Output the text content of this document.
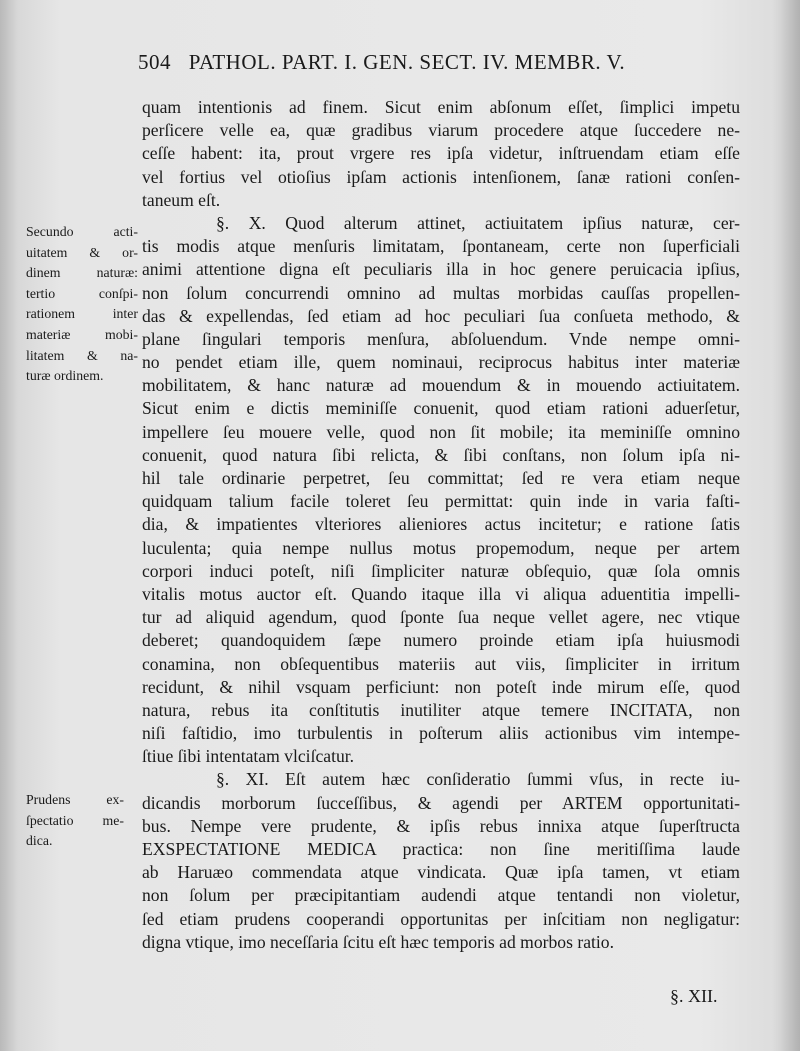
504 PATHOL. PART. I. GEN. SECT. IV. MEMBR. V.
quam intentionis ad finem. Sicut enim abſonum eſſet, ſimplici impetu
perſicere velle ea, quæ gradibus viarum procedere atque ſuccedere ne-
ceſſe habent: ita, prout vrgere res ipſa videtur, inſtruendam etiam eſſe
vel fortius vel otioſius ipſam actionis intenſionem, ſanæ rationi conſen-
taneum eſt.
§. X. Quod alterum attinet, actiuitatem ipſius naturæ, cer-
tis modis atque menſuris limitatam, ſpontaneam, certe non ſuperficiali
animi attentione digna eſt peculiaris illa in hoc genere peruicacia ipſius,
non ſolum concurrendi omnino ad multas morbidas cauſſas propellen-
das & expellendas, ſed etiam ad hoc peculiari ſua conſueta methodo, &
plane ſingulari temporis menſura, abſoluendum. Vnde nempe omni-
no pendet etiam ille, quem nominaui, reciprocus habitus inter materiæ
mobilitatem, & hanc naturæ ad mouendum & in mouendo actiuitatem.
Sicut enim e dictis meminiſſe conuenit, quod etiam rationi aduerſetur,
impellere ſeu mouere velle, quod non ſit mobile; ita meminiſſe omnino
conuenit, quod natura ſibi relicta, & ſibi conſtans, non ſolum ipſa ni-
hil tale ordinarie perpetret, ſeu committat; ſed re vera etiam neque
quidquam talium facile toleret ſeu permittat: quin inde in varia faſti-
dia, & impatientes vlteriores alieniores actus incitetur; e ratione ſatis
luculenta; quia nempe nullus motus propemodum, neque per artem
corpori induci poteſt, niſi ſimpliciter naturæ obſequio, quæ ſola omnis
vitalis motus auctor eſt. Quando itaque illa vi aliqua aduentitia impelli-
tur ad aliquid agendum, quod ſponte ſua neque vellet agere, nec vtique
deberet; quandoquidem ſæpe numero proinde etiam ipſa huiusmodi
conamina, non obſequentibus materiis aut viis, ſimpliciter in irritum
recidunt, & nihil vsquam perficiunt: non poteſt inde mirum eſſe, quod
natura, rebus ita conſtitutis inutiliter atque temere INCITATA, non
niſi faſtidio, imo turbulentis in poſterum aliis actionibus vim intempe-
ſtiue ſibi intentatam vlciſcatur.
§. XI. Eſt autem hæc conſideratio ſummi vſus, in recte iu-
dicandis morborum ſucceſſibus, & agendi per ARTEM opportunitati-
bus. Nempe vere prudente, & ipſis rebus innixa atque ſuperſtructa
EXSPECTATIONE MEDICA practica: non ſine meritiſſima laude
ab Haruæo commendata atque vindicata. Quæ ipſa tamen, vt etiam
non ſolum per præcipitantiam audendi atque tentandi non violetur,
ſed etiam prudens cooperandi opportunitas per inſcitiam non negligatur:
digna vtique, imo neceſſaria ſcitu eſt hæc temporis ad morbos ratio.
Secundo acti-
uitatem & or-
dinem naturæ:
tertio conſpi-
rationem inter
materiæ mobi-
litatem & na-
turæ ordinem.
Prudens ex-
ſpectatio me-
dica.
§. XII.
